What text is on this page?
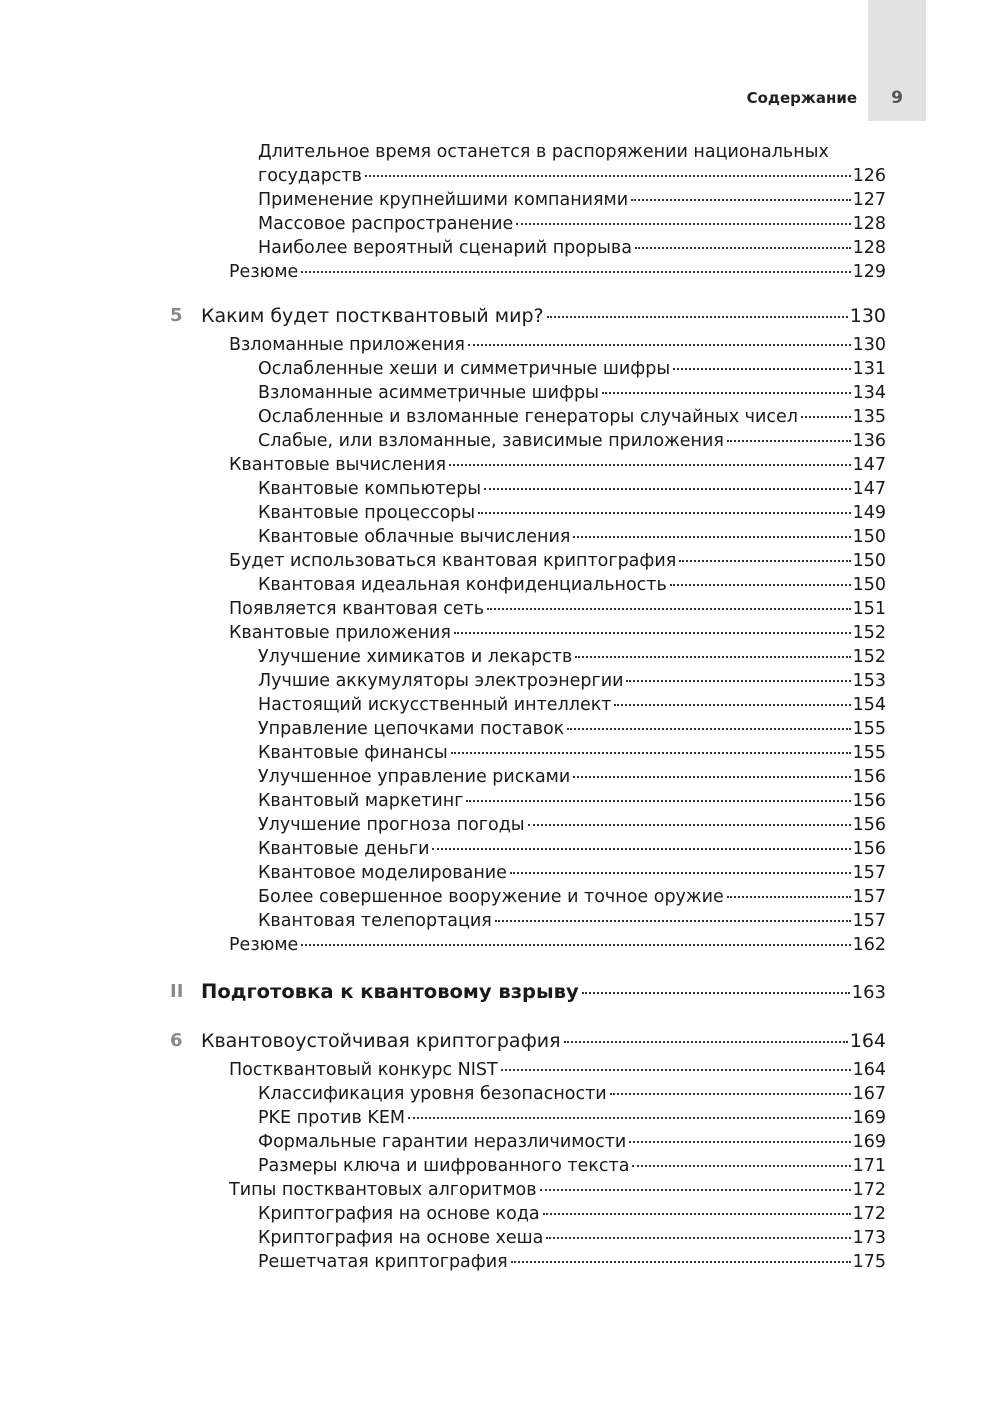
9
Содержание
Длительное время останется в распоряжении национальных
государств	126
Применение крупнейшими компаниями	127
Массовое распространение	128
Наиболее вероятный сценарий прорыва	128
Резюме	129
5 Каким будет постквантовый мир?	130
Взломанные приложения	130
Ослабленные хеши и симметричные шифры	131
Взломанные асимметричные шифры	134
Ослабленные и взломанные генераторы случайных чисел	135
Слабые, или взломанные, зависимые приложения	136
Квантовые вычисления	147
Квантовые компьютеры	147
Квантовые процессоры	149
Квантовые облачные вычисления	150
Будет использоваться квантовая криптография	150
Квантовая идеальная конфиденциальность	150
Появляется квантовая сеть	151
Квантовые приложения	152
Улучшение химикатов и лекарств	152
Лучшие аккумуляторы электроэнергии	153
Настоящий искусственный интеллект	154
Управление цепочками поставок	155
Квантовые финансы	155
Улучшенное управление рисками	156
Квантовый маркетинг	156
Улучшение прогноза погоды	156
Квантовые деньги	156
Квантовое моделирование	157
Более совершенное вооружение и точное оружие	157
Квантовая телепортация	157
Резюме	162
II Подготовка к квантовому взрыву	163
6 Квантовоустойчивая криптография	164
Постквантовый конкурс NIST	164
Классификация уровня безопасности	167
PKE против KEM	169
Формальные гарантии неразличимости	169
Размеры ключа и шифрованного текста	171
Типы постквантовых алгоритмов	172
Криптография на основе кода	172
Криптография на основе хеша	173
Решетчатая криптография	175
